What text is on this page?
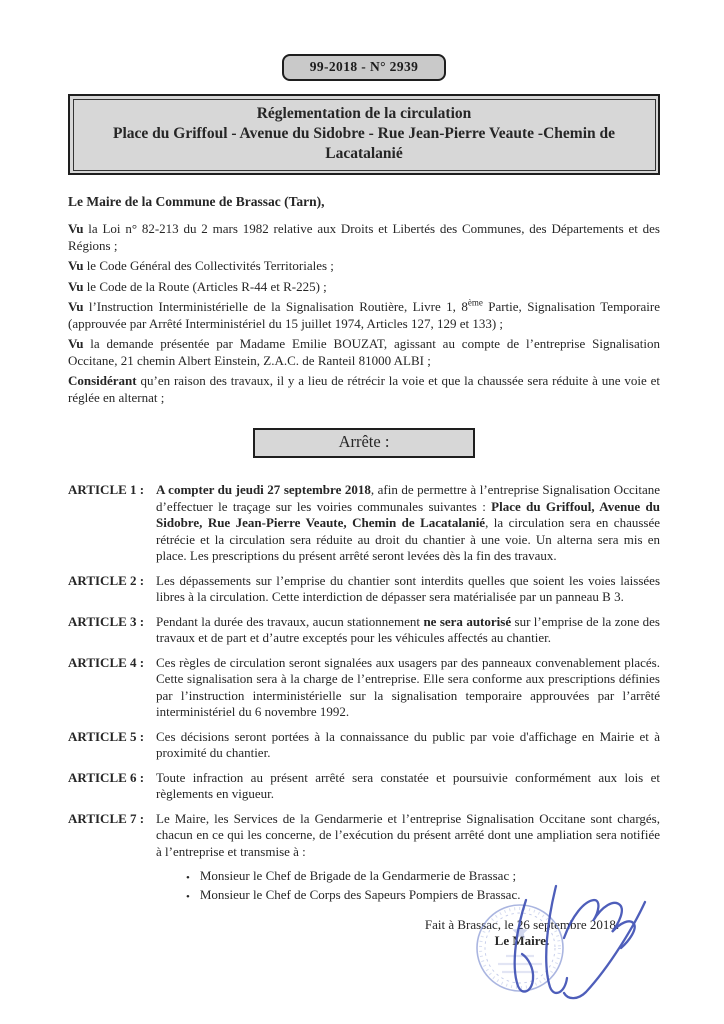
99-2018 - N° 2939
Réglementation de la circulation
Place du Griffoul - Avenue du Sidobre - Rue Jean-Pierre Veaute -Chemin de Lacatalanié
Le Maire de la Commune de Brassac (Tarn),

Vu la Loi n° 82-213 du 2 mars 1982 relative aux Droits et Libertés des Communes, des Départements et des Régions ;

Vu le Code Général des Collectivités Territoriales ;

Vu le Code de la Route (Articles R-44 et R-225) ;

Vu l’Instruction Interministérielle de la Signalisation Routière, Livre 1, 8ème Partie, Signalisation Temporaire (approuvée par Arrêté Interministériel du 15 juillet 1974, Articles 127, 129 et 133) ;

Vu la demande présentée par Madame Emilie BOUZAT, agissant au compte de l’entreprise Signalisation Occitane, 21 chemin Albert Einstein, Z.A.C. de Ranteil 81000 ALBI ;

Considérant qu’en raison des travaux, il y a lieu de rétrécir la voie et que la chaussée sera réduite à une voie et réglée en alternat ;

Arrête :
ARTICLE 1 : A compter du jeudi 27 septembre 2018, afin de permettre à l’entreprise Signalisation Occitane d’effectuer le traçage sur les voiries communales suivantes : Place du Griffoul, Avenue du Sidobre, Rue Jean-Pierre Veaute, Chemin de Lacatalanié, la circulation sera en chaussée rétrécie et la circulation sera réduite au droit du chantier à une voie. Un alterna sera mis en place. Les prescriptions du présent arrêté seront levées dès la fin des travaux.

ARTICLE 2 : Les dépassements sur l’emprise du chantier sont interdits quelles que soient les voies laissées libres à la circulation. Cette interdiction de dépasser sera matérialisée par un panneau B 3.

ARTICLE 3 : Pendant la durée des travaux, aucun stationnement ne sera autorisé sur l’emprise de la zone des travaux et de part et d’autre exceptés pour les véhicules affectés au chantier.

ARTICLE 4 : Ces règles de circulation seront signalées aux usagers par des panneaux convenablement placés. Cette signalisation sera à la charge de l’entreprise. Elle sera conforme aux prescriptions définies par l’instruction interministérielle sur la signalisation temporaire approuvées par l’arrêté interministériel du 6 novembre 1992.

ARTICLE 5 : Ces décisions seront portées à la connaissance du public par voie d'affichage en Mairie et à proximité du chantier.

ARTICLE 6 : Toute infraction au présent arrêté sera constatée et poursuivie conformément aux lois et règlements en vigueur.

ARTICLE 7 : Le Maire, les Services de la Gendarmerie et l’entreprise Signalisation Occitane sont chargés, chacun en ce qui les concerne, de l’exécution du présent arrêté dont une ampliation sera notifiée à l’entreprise et transmise à :

•
Monsieur le Chef de Brigade de la Gendarmerie de Brassac ;
•
Monsieur le Chef de Corps des Sapeurs Pompiers de Brassac.
Fait à Brassac, le 26 septembre 2018.
Le Maire.
